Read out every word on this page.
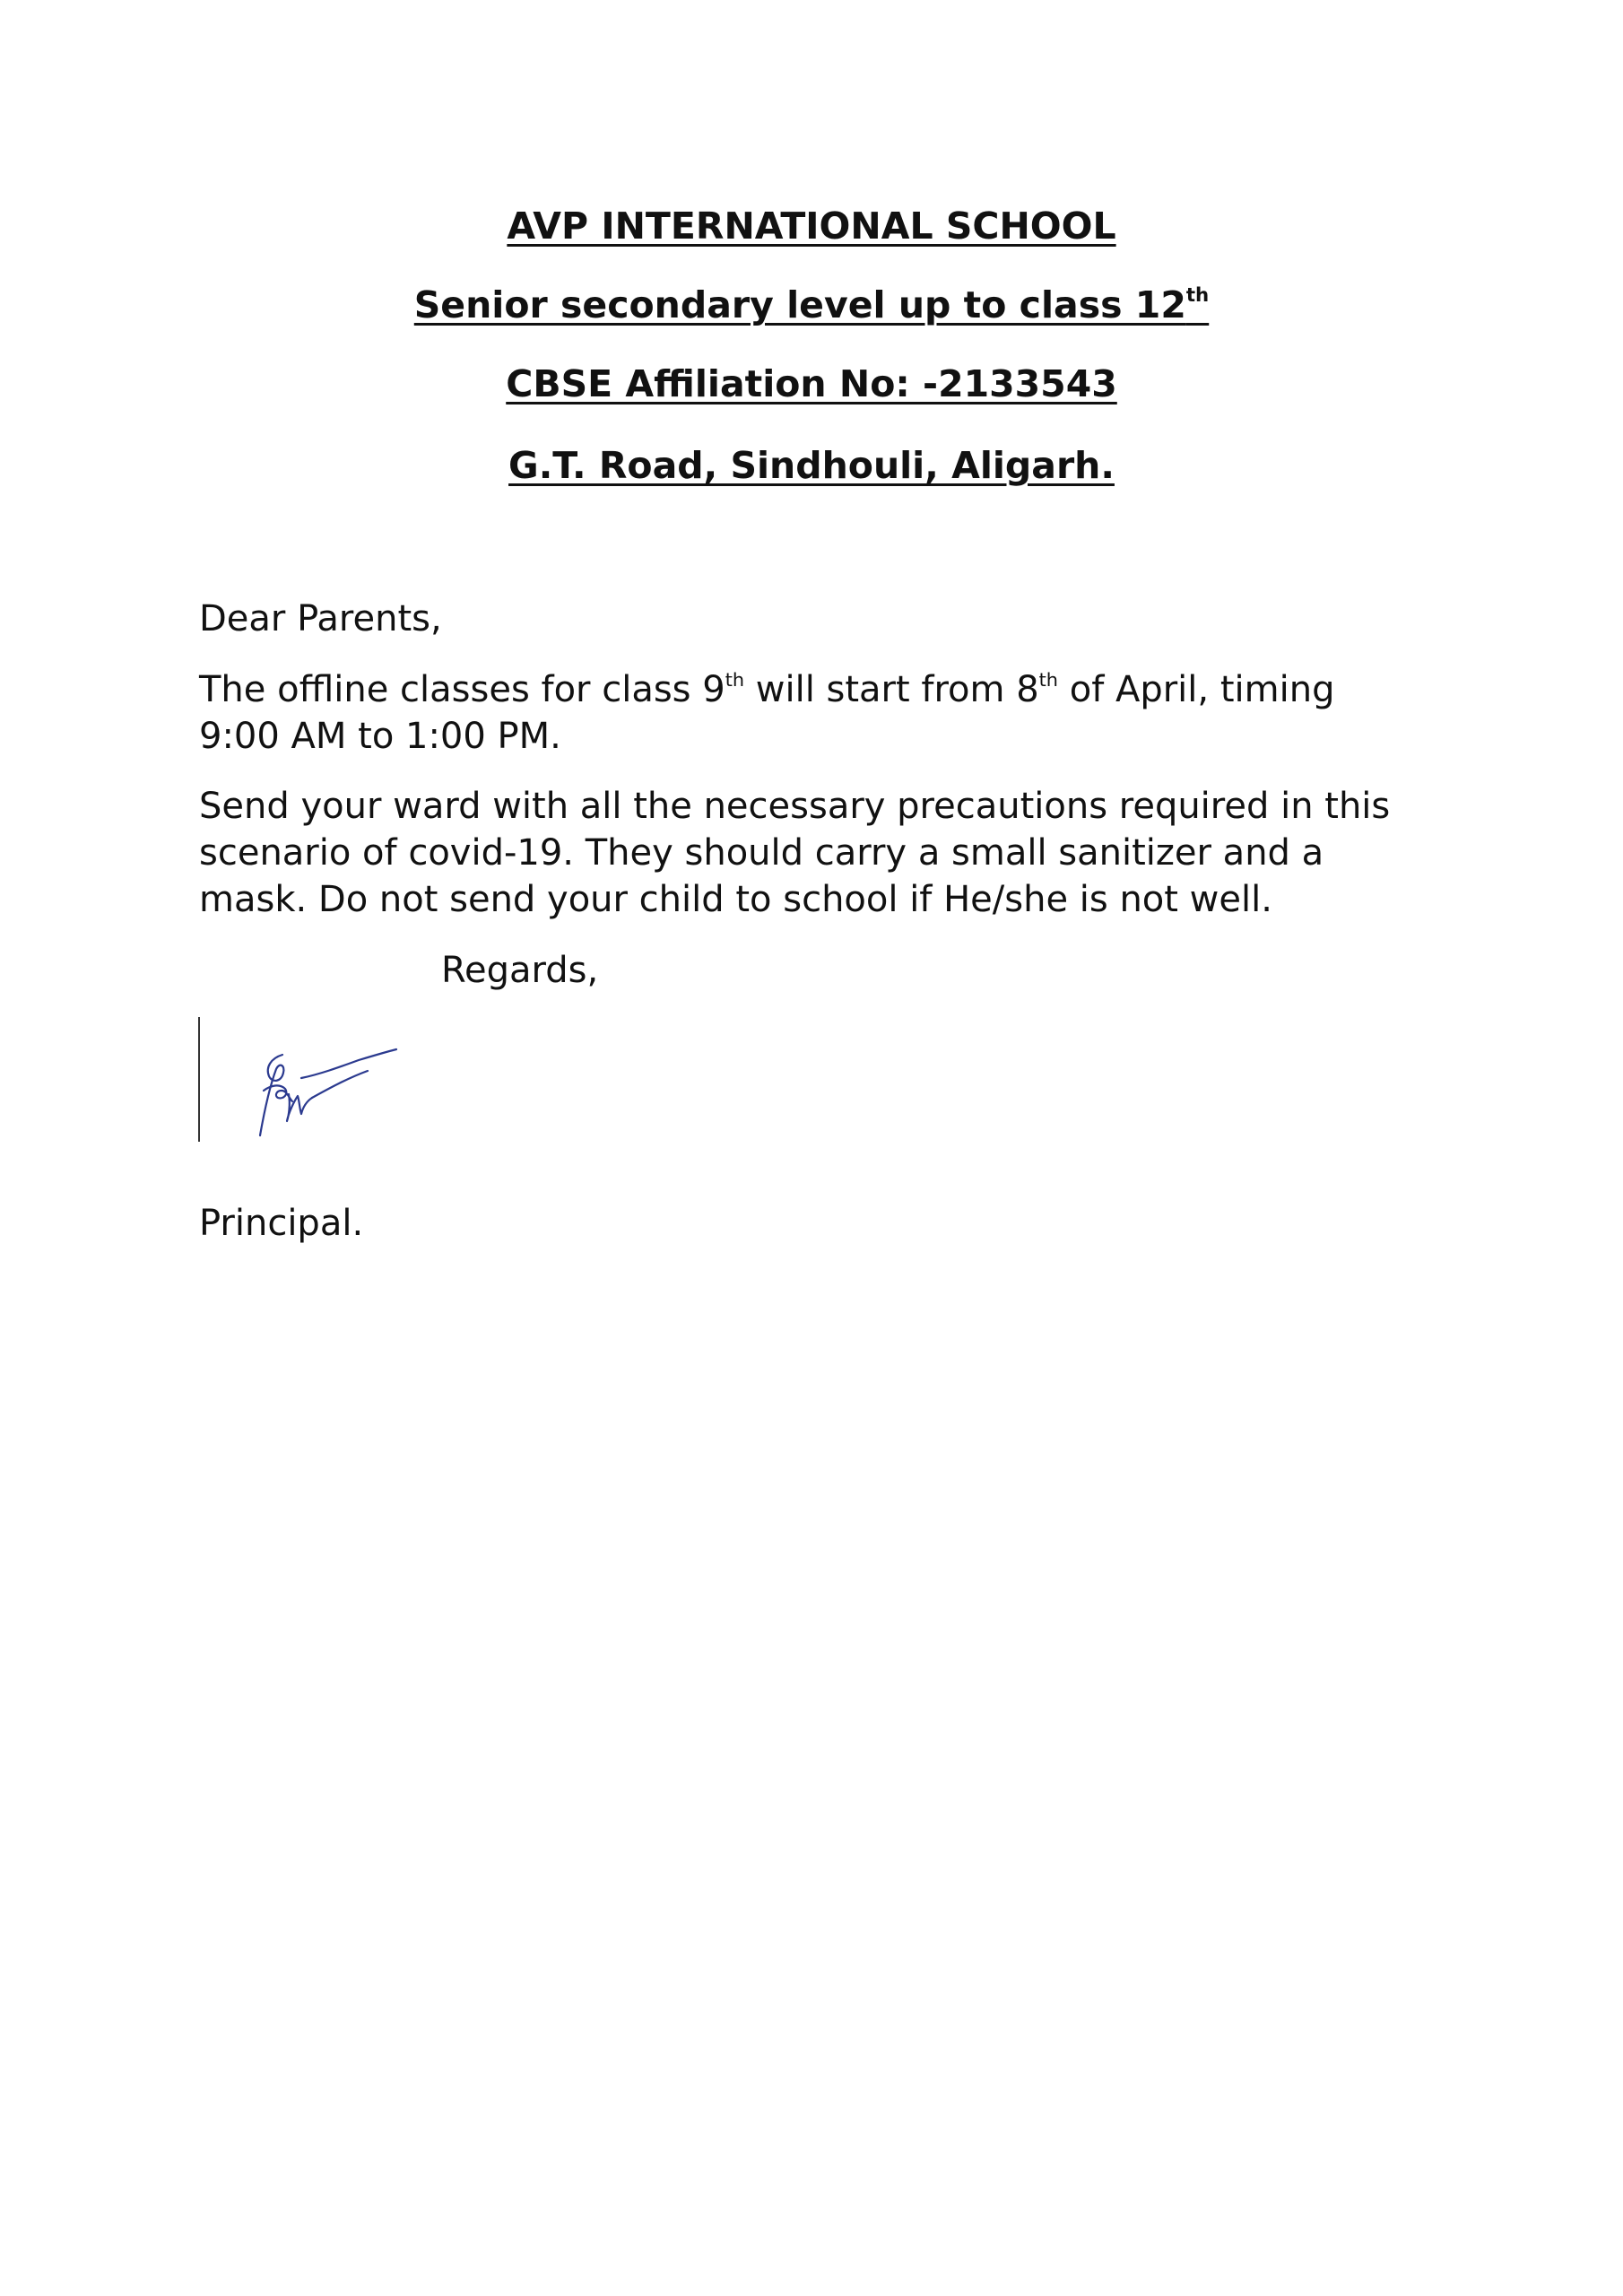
AVP INTERNATIONAL SCHOOL
Senior secondary level up to class 12th
CBSE Affiliation No: -2133543
G.T. Road, Sindhouli, Aligarh.
Dear Parents,
The offline classes for class 9th will start from 8th of April, timing
9:00 AM to 1:00 PM.
Send your ward with all the necessary precautions required in this
scenario of covid-19. They should carry a small sanitizer and a
mask. Do not send your child to school if He/she is not well.
Regards,
Principal.
